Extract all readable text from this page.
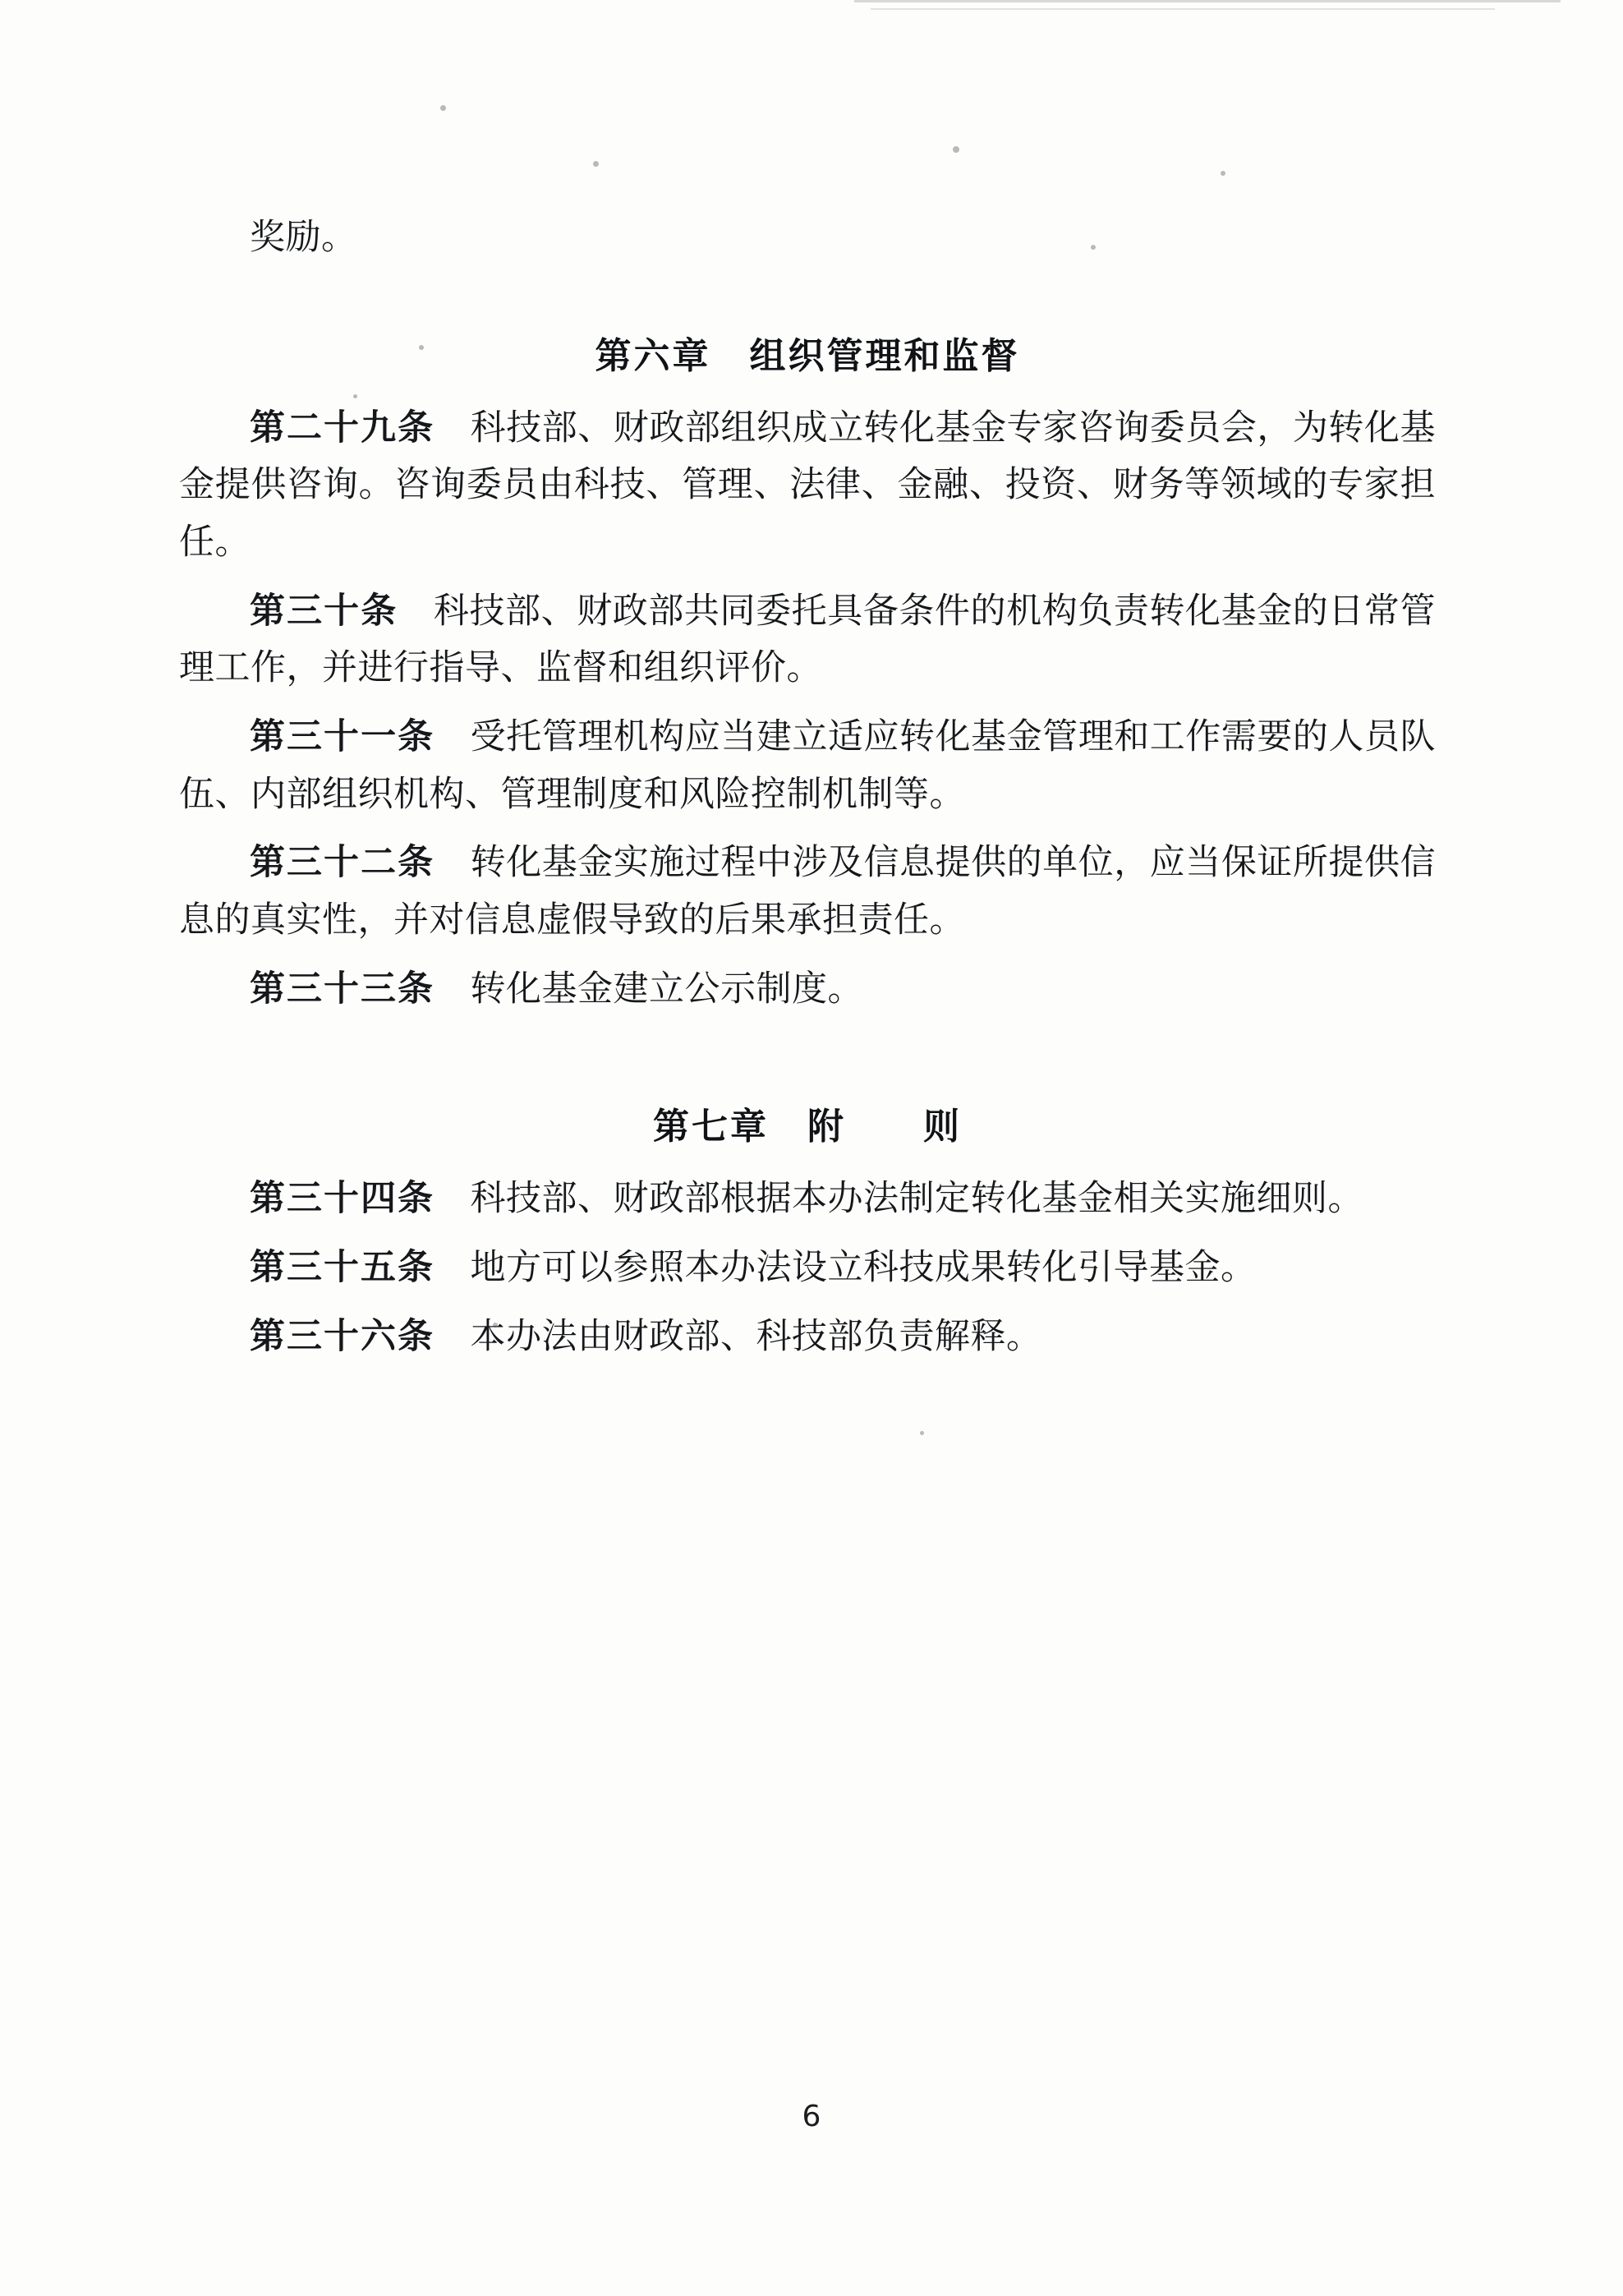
奖励。

第六章　组织管理和监督

第二十九条　科技部、财政部组织成立转化基金专家咨询委员会，为转化基金提供咨询。咨询委员由科技、管理、法律、金融、投资、财务等领域的专家担任。

第三十条　科技部、财政部共同委托具备条件的机构负责转化基金的日常管理工作，并进行指导、监督和组织评价。

第三十一条　受托管理机构应当建立适应转化基金管理和工作需要的人员队伍、内部组织机构、管理制度和风险控制机制等。

第三十二条　转化基金实施过程中涉及信息提供的单位，应当保证所提供信息的真实性，并对信息虚假导致的后果承担责任。

第三十三条　转化基金建立公示制度。

第七章　附　　则

第三十四条　科技部、财政部根据本办法制定转化基金相关实施细则。

第三十五条　地方可以参照本办法设立科技成果转化引导基金。

第三十六条　本办法由财政部、科技部负责解释。

6
